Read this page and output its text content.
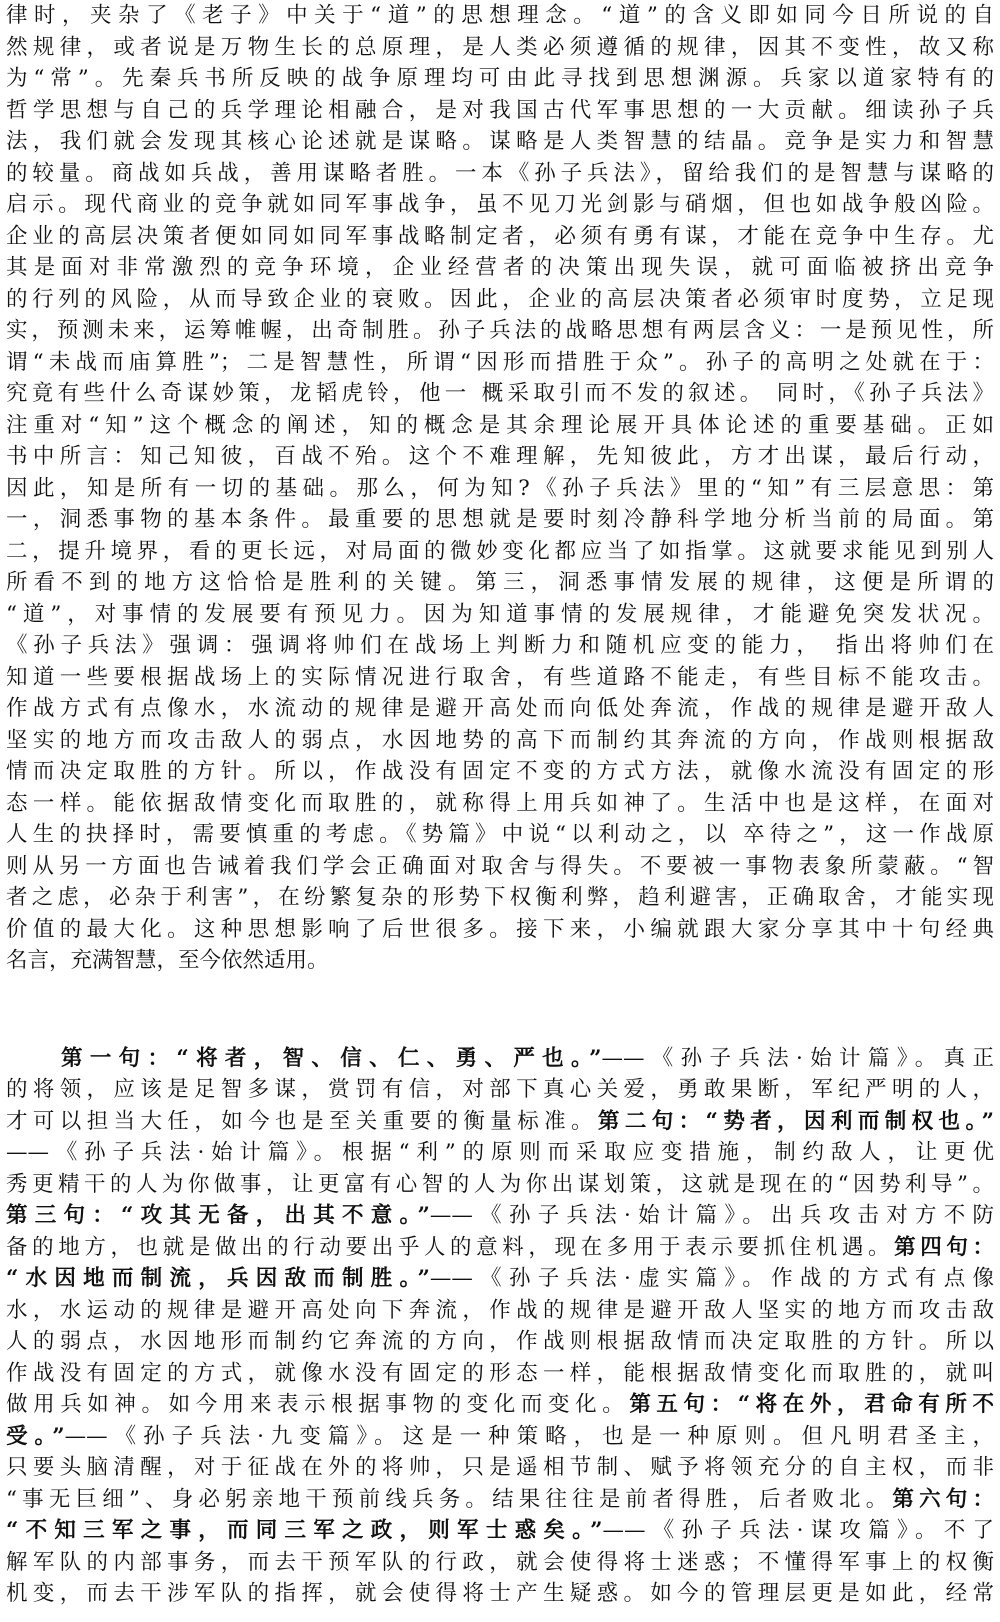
律时，夹杂了《老子》中关于“道”的思想理念。“道”的含义即如同今日所说的自
然规律，或者说是万物生长的总原理，是人类必须遵循的规律，因其不变性，故又称
为“常”。先秦兵书所反映的战争原理均可由此寻找到思想渊源。兵家以道家特有的
哲学思想与自己的兵学理论相融合，是对我国古代军事思想的一大贡献。细读孙子兵
法，我们就会发现其核心论述就是谋略。谋略是人类智慧的结晶。竞争是实力和智慧
的较量。商战如兵战，善用谋略者胜。一本《孙子兵法》，留给我们的是智慧与谋略的
启示。现代商业的竞争就如同军事战争，虽不见刀光剑影与硝烟，但也如战争般凶险。
企业的高层决策者便如同如同军事战略制定者，必须有勇有谋，才能在竞争中生存。尤
其是面对非常激烈的竞争环境，企业经营者的决策出现失误，就可面临被挤出竞争
的行列的风险，从而导致企业的衰败。因此，企业的高层决策者必须审时度势，立足现
实，预测未来，运筹帷幄，出奇制胜。孙子兵法的战略思想有两层含义：一是预见性，所
谓“未战而庙算胜”；二是智慧性，所谓“因形而措胜于众”。孙子的高明之处就在于：
究竟有些什么奇谋妙策，龙韬虎铃，他一 概采取引而不发的叙述。 同时，《孙子兵法》
注重对“知”这个概念的阐述，知的概念是其余理论展开具体论述的重要基础。正如
书中所言：知己知彼，百战不殆。这个不难理解，先知彼此，方才出谋，最后行动，
因此，知是所有一切的基础。那么，何为知?《孙子兵法》里的“知”有三层意思：第
一，洞悉事物的基本条件。最重要的思想就是要时刻冷静科学地分析当前的局面。第
二，提升境界，看的更长远，对局面的微妙变化都应当了如指掌。这就要求能见到别人
所看不到的地方这恰恰是胜利的关键。第三，洞悉事情发展的规律，这便是所谓的
“道”，对事情的发展要有预见力。因为知道事情的发展规律，才能避免突发状况。
《孙子兵法》强调：强调将帅们在战场上判断力和随机应变的能力， 指出将帅们在
知道一些要根据战场上的实际情况进行取舍，有些道路不能走，有些目标不能攻击。
作战方式有点像水，水流动的规律是避开高处而向低处奔流，作战的规律是避开敌人
坚实的地方而攻击敌人的弱点，水因地势的高下而制约其奔流的方向，作战则根据敌
情而决定取胜的方针。所以，作战没有固定不变的方式方法，就像水流没有固定的形
态一样。能依据敌情变化而取胜的，就称得上用兵如神了。生活中也是这样，在面对
人生的抉择时，需要慎重的考虑。《势篇》中说“以利动之，以 卒待之”，这一作战原
则从另一方面也告诫着我们学会正确面对取舍与得失。不要被一事物表象所蒙蔽。“智
者之虑，必杂于利害”，在纷繁复杂的形势下权衡利弊，趋利避害，正确取舍，才能实现
价值的最大化。这种思想影响了后世很多。接下来，小编就跟大家分享其中十句经典
名言，充满智慧，至今依然适用。
第一句：“将者，智、信、仁、勇、严也。”——《孙子兵法·始计篇》。真正
的将领，应该是足智多谋，赏罚有信，对部下真心关爱，勇敢果断，军纪严明的人，
才可以担当大任，如今也是至关重要的衡量标准。第二句：“势者，因利而制权也。”
——《孙子兵法·始计篇》。根据“利”的原则而采取应变措施，制约敌人，让更优
秀更精干的人为你做事，让更富有心智的人为你出谋划策，这就是现在的“因势利导”。
第三句：“攻其无备，出其不意。”——《孙子兵法·始计篇》。出兵攻击对方不防
备的地方，也就是做出的行动要出乎人的意料，现在多用于表示要抓住机遇。第四句：
“水因地而制流，兵因敌而制胜。”——《孙子兵法·虚实篇》。作战的方式有点像
水，水运动的规律是避开高处向下奔流，作战的规律是避开敌人坚实的地方而攻击敌
人的弱点，水因地形而制约它奔流的方向，作战则根据敌情而决定取胜的方针。所以
作战没有固定的方式，就像水没有固定的形态一样，能根据敌情变化而取胜的，就叫
做用兵如神。如今用来表示根据事物的变化而变化。第五句：“将在外，君命有所不
受。”——《孙子兵法·九变篇》。这是一种策略，也是一种原则。但凡明君圣主，
只要头脑清醒，对于征战在外的将帅，只是遥相节制、赋予将领充分的自主权，而非
“事无巨细”、身必躬亲地干预前线兵务。结果往往是前者得胜，后者败北。第六句：
“不知三军之事，而同三军之政，则军士惑矣。”——《孙子兵法·谋攻篇》。不了
解军队的内部事务，而去干预军队的行政，就会使得将士迷惑；不懂得军事上的权衡
机变，而去干涉军队的指挥，就会使得将士产生疑惑。如今的管理层更是如此，经常
